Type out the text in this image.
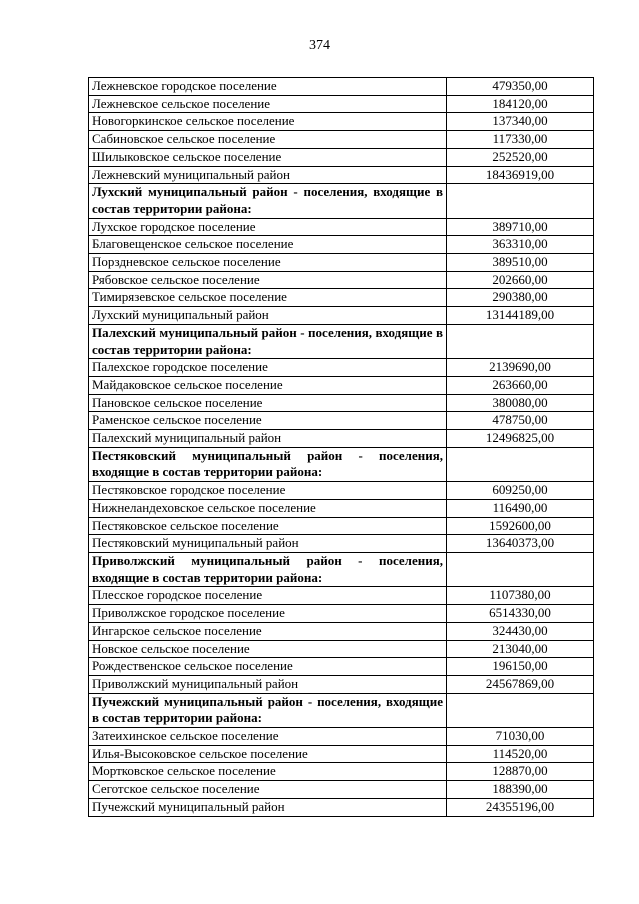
374
Лежневское городское поселение	479350,00
Лежневское сельское поселение	184120,00
Новогоркинское сельское поселение	137340,00
Сабиновское сельское поселение	117330,00
Шилыковское сельское поселение	252520,00
Лежневский муниципальный район	18436919,00
Лухский муниципальный район - поселения, входящие в состав территории района:	
Лухское городское поселение	389710,00
Благовещенское сельское поселение	363310,00
Порздневское сельское поселение	389510,00
Рябовское сельское поселение	202660,00
Тимирязевское сельское поселение	290380,00
Лухский муниципальный район	13144189,00
Палехский муниципальный район - поселения, входящие в состав территории района:	
Палехское городское поселение	2139690,00
Майдаковское сельское поселение	263660,00
Пановское сельское поселение	380080,00
Раменское сельское поселение	478750,00
Палехский муниципальный район	12496825,00
Пестяковский муниципальный район - поселения, входящие в состав территории района:	
Пестяковское городское поселение	609250,00
Нижнеландеховское сельское поселение	116490,00
Пестяковское сельское поселение	1592600,00
Пестяковский муниципальный район	13640373,00
Приволжский муниципальный район - поселения, входящие в состав территории района:	
Плесское городское поселение	1107380,00
Приволжское городское поселение	6514330,00
Ингарское сельское поселение	324430,00
Новское сельское поселение	213040,00
Рождественское сельское поселение	196150,00
Приволжский муниципальный район	24567869,00
Пучежский муниципальный район - поселения, входящие в состав территории района:	
Затеихинское сельское поселение	71030,00
Илья-Высоковское сельское поселение	114520,00
Мортковское сельское поселение	128870,00
Сеготское сельское поселение	188390,00
Пучежский муниципальный район	24355196,00
